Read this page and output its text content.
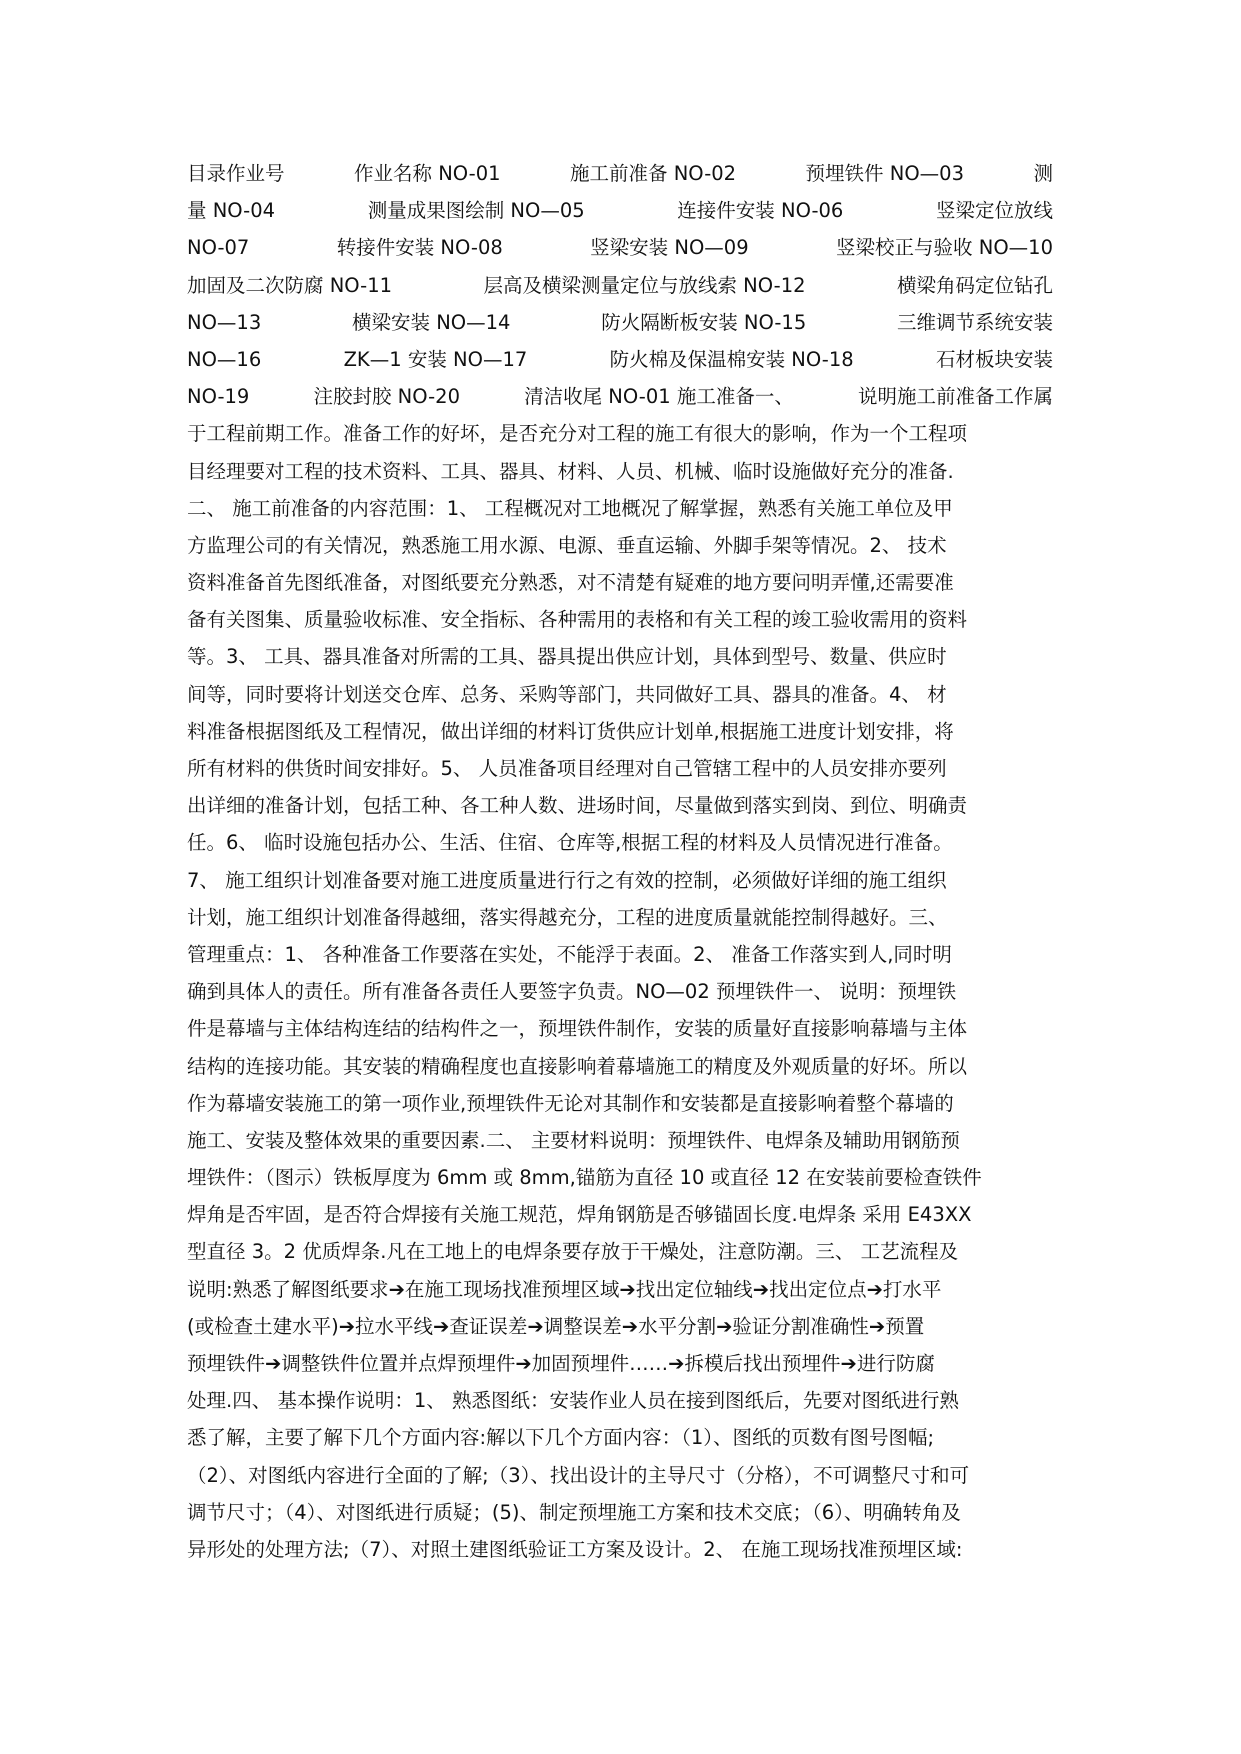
目录作业号	作业名称 NO-01	施工前准备 NO-02	预埋铁件 NO—03	测
量 NO-04	测量成果图绘制 NO—05	连接件安装 NO-06	竖梁定位放线
NO-07	转接件安装 NO-08	竖梁安装 NO—09	竖梁校正与验收 NO—10
加固及二次防腐 NO-11	层高及横梁测量定位与放线索 NO-12	横梁角码定位钻孔
NO—13	横梁安装 NO—14	防火隔断板安装 NO-15	三维调节系统安装
NO—16	ZK—1 安装 NO—17	防火棉及保温棉安装 NO-18	石材板块安装
NO-19	注胶封胶 NO-20	清洁收尾 NO-01 施工准备一、	说明施工前准备工作属
于工程前期工作。准备工作的好坏，是否充分对工程的施工有很大的影响，作为一个工程项
目经理要对工程的技术资料、工具、器具、材料、人员、机械、临时设施做好充分的准备.
二、 施工前准备的内容范围：1、 工程概况对工地概况了解掌握，熟悉有关施工单位及甲
方监理公司的有关情况，熟悉施工用水源、电源、垂直运输、外脚手架等情况。2、 技术
资料准备首先图纸准备，对图纸要充分熟悉，对不清楚有疑难的地方要问明弄懂,还需要准
备有关图集、质量验收标准、安全指标、各种需用的表格和有关工程的竣工验收需用的资料
等。3、 工具、器具准备对所需的工具、器具提出供应计划，具体到型号、数量、供应时
间等，同时要将计划送交仓库、总务、采购等部门，共同做好工具、器具的准备。4、 材
料准备根据图纸及工程情况，做出详细的材料订货供应计划单,根据施工进度计划安排，将
所有材料的供货时间安排好。5、 人员准备项目经理对自己管辖工程中的人员安排亦要列
出详细的准备计划，包括工种、各工种人数、进场时间，尽量做到落实到岗、到位、明确责
任。6、 临时设施包括办公、生活、住宿、仓库等,根据工程的材料及人员情况进行准备。
7、 施工组织计划准备要对施工进度质量进行行之有效的控制，必须做好详细的施工组织
计划，施工组织计划准备得越细，落实得越充分，工程的进度质量就能控制得越好。三、
管理重点：1、 各种准备工作要落在实处，不能浮于表面。2、 准备工作落实到人,同时明
确到具体人的责任。所有准备各责任人要签字负责。NO—02 预埋铁件一、 说明：预埋铁
件是幕墙与主体结构连结的结构件之一，预埋铁件制作，安装的质量好直接影响幕墙与主体
结构的连接功能。其安装的精确程度也直接影响着幕墙施工的精度及外观质量的好坏。所以
作为幕墙安装施工的第一项作业,预埋铁件无论对其制作和安装都是直接影响着整个幕墙的
施工、安装及整体效果的重要因素.二、 主要材料说明：预埋铁件、电焊条及辅助用钢筋预
埋铁件：（图示）铁板厚度为 6mm 或 8mm,锚筋为直径 10 或直径 12 在安装前要检查铁件
焊角是否牢固，是否符合焊接有关施工规范，焊角钢筋是否够锚固长度.电焊条 采用 E43XX
型直径 3。2 优质焊条.凡在工地上的电焊条要存放于干燥处，注意防潮。三、 工艺流程及
说明:熟悉了解图纸要求➔在施工现场找准预埋区域➔找出定位轴线➔找出定位点➔打水平
(或检查土建水平)➔拉水平线➔查证误差➔调整误差➔水平分割➔验证分割准确性➔预置
预埋铁件➔调整铁件位置并点焊预埋件➔加固预埋件……➔拆模后找出预埋件➔进行防腐
处理.四、 基本操作说明：1、 熟悉图纸：安装作业人员在接到图纸后，先要对图纸进行熟
悉了解，主要了解下几个方面内容:解以下几个方面内容：（1）、图纸的页数有图号图幅;
（2）、对图纸内容进行全面的了解;（3）、找出设计的主导尺寸（分格），不可调整尺寸和可
调节尺寸；（4）、对图纸进行质疑；(5)、制定预埋施工方案和技术交底；（6）、明确转角及
异形处的处理方法;（7）、对照土建图纸验证工方案及设计。2、 在施工现场找准预埋区域:
